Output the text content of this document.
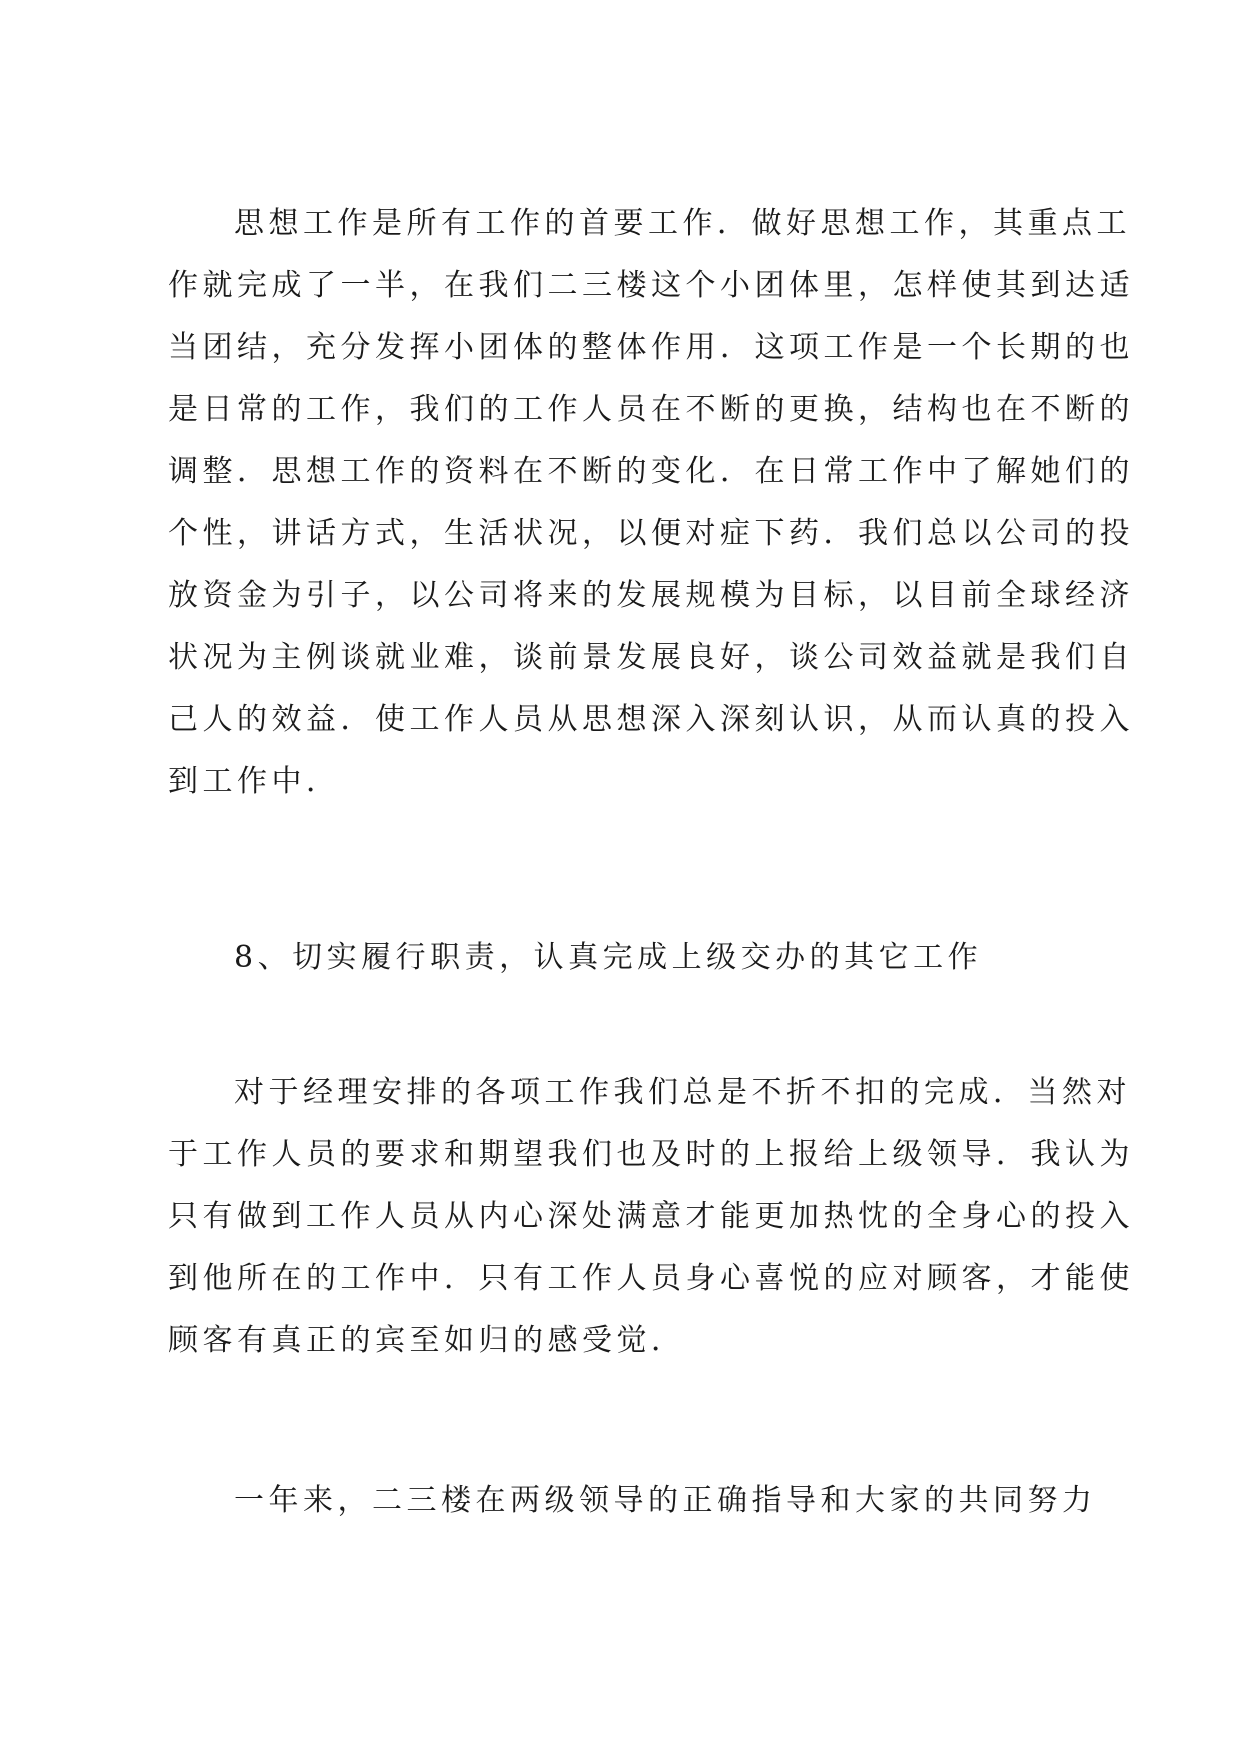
思想工作是所有工作的首要工作．做好思想工作，其重点工
作就完成了一半，在我们二三楼这个小团体里，怎样使其到达适
当团结，充分发挥小团体的整体作用．这项工作是一个长期的也
是日常的工作，我们的工作人员在不断的更换，结构也在不断的
调整．思想工作的资料在不断的变化．在日常工作中了解她们的
个性，讲话方式，生活状况，以便对症下药．我们总以公司的投
放资金为引子，以公司将来的发展规模为目标，以目前全球经济
状况为主例谈就业难，谈前景发展良好，谈公司效益就是我们自
己人的效益．使工作人员从思想深入深刻认识，从而认真的投入
到工作中．
8、切实履行职责，认真完成上级交办的其它工作
对于经理安排的各项工作我们总是不折不扣的完成．当然对
于工作人员的要求和期望我们也及时的上报给上级领导．我认为
只有做到工作人员从内心深处满意才能更加热忱的全身心的投入
到他所在的工作中．只有工作人员身心喜悦的应对顾客，才能使
顾客有真正的宾至如归的感受觉．
一年来，二三楼在两级领导的正确指导和大家的共同努力
